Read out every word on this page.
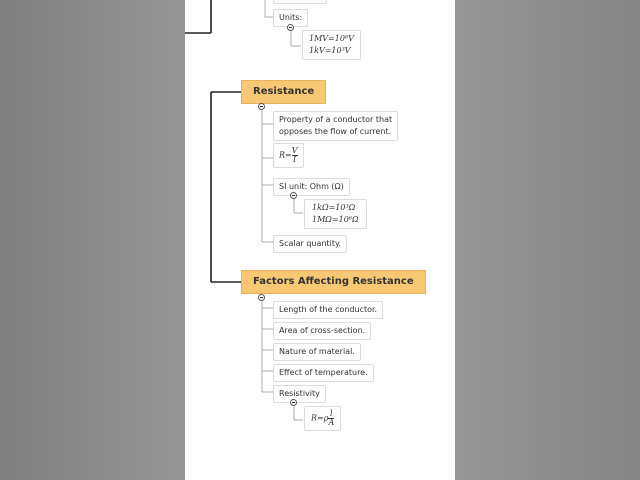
Units:
1MV=10⁶V
1kV=10³V
Resistance
Property of a conductor that
opposes the flow of current.
$R= \frac{V}{I}$
SI unit: Ohm (Ω)
1kΩ=10³Ω
1MΩ=10⁶Ω
Scalar quantity.
Factors Affecting Resistance
Length of the conductor.
Area of cross-section.
Nature of material.
Effect of temperature.
Resistivity
$R=\rho \frac{l}{A}$
